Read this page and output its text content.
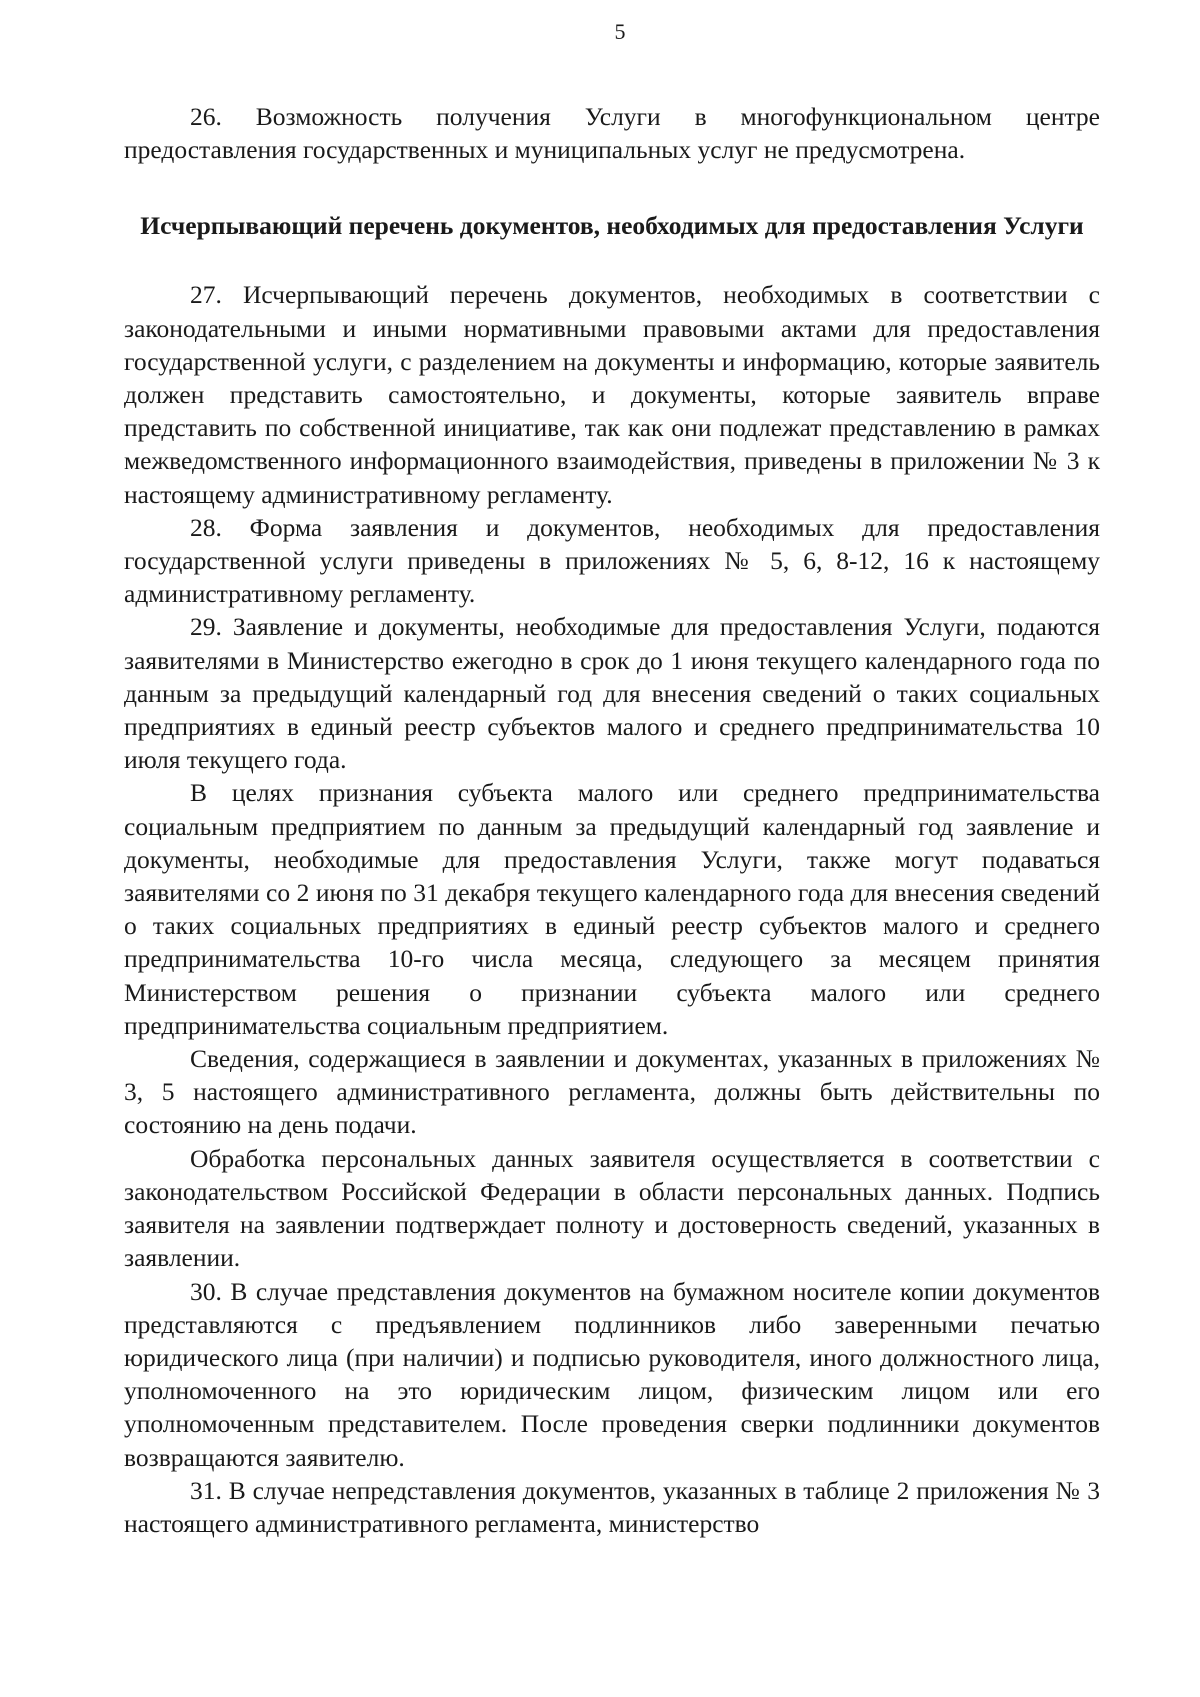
5

26. Возможность получения Услуги в многофункциональном центре предоставления государственных и муниципальных услуг не предусмотрена.

Исчерпывающий перечень документов, необходимых для предоставления Услуги

27. Исчерпывающий перечень документов, необходимых в соответствии с законодательными и иными нормативными правовыми актами для предоставления государственной услуги, с разделением на документы и информацию, которые заявитель должен представить самостоятельно, и документы, которые заявитель вправе представить по собственной инициативе, так как они подлежат представлению в рамках межведомственного информационного взаимодействия, приведены в приложении № 3 к настоящему административному регламенту.

28. Форма заявления и документов, необходимых для предоставления государственной услуги приведены в приложениях № 5, 6, 8-12, 16 к настоящему административному регламенту.

29. Заявление и документы, необходимые для предоставления Услуги, подаются заявителями в Министерство ежегодно в срок до 1 июня текущего календарного года по данным за предыдущий календарный год для внесения сведений о таких социальных предприятиях в единый реестр субъектов малого и среднего предпринимательства 10 июля текущего года.

В целях признания субъекта малого или среднего предпринимательства социальным предприятием по данным за предыдущий календарный год заявление и документы, необходимые для предоставления Услуги, также могут подаваться заявителями со 2 июня по 31 декабря текущего календарного года для внесения сведений о таких социальных предприятиях в единый реестр субъектов малого и среднего предпринимательства 10-го числа месяца, следующего за месяцем принятия Министерством решения о признании субъекта малого или среднего предпринимательства социальным предприятием.

Сведения, содержащиеся в заявлении и документах, указанных в приложениях № 3, 5 настоящего административного регламента, должны быть действительны по состоянию на день подачи.

Обработка персональных данных заявителя осуществляется в соответствии с законодательством Российской Федерации в области персональных данных. Подпись заявителя на заявлении подтверждает полноту и достоверность сведений, указанных в заявлении.

30. В случае представления документов на бумажном носителе копии документов представляются с предъявлением подлинников либо заверенными печатью юридического лица (при наличии) и подписью руководителя, иного должностного лица, уполномоченного на это юридическим лицом, физическим лицом или его уполномоченным представителем. После проведения сверки подлинники документов возвращаются заявителю.

31. В случае непредставления документов, указанных в таблице 2 приложения № 3 настоящего административного регламента, министерство
